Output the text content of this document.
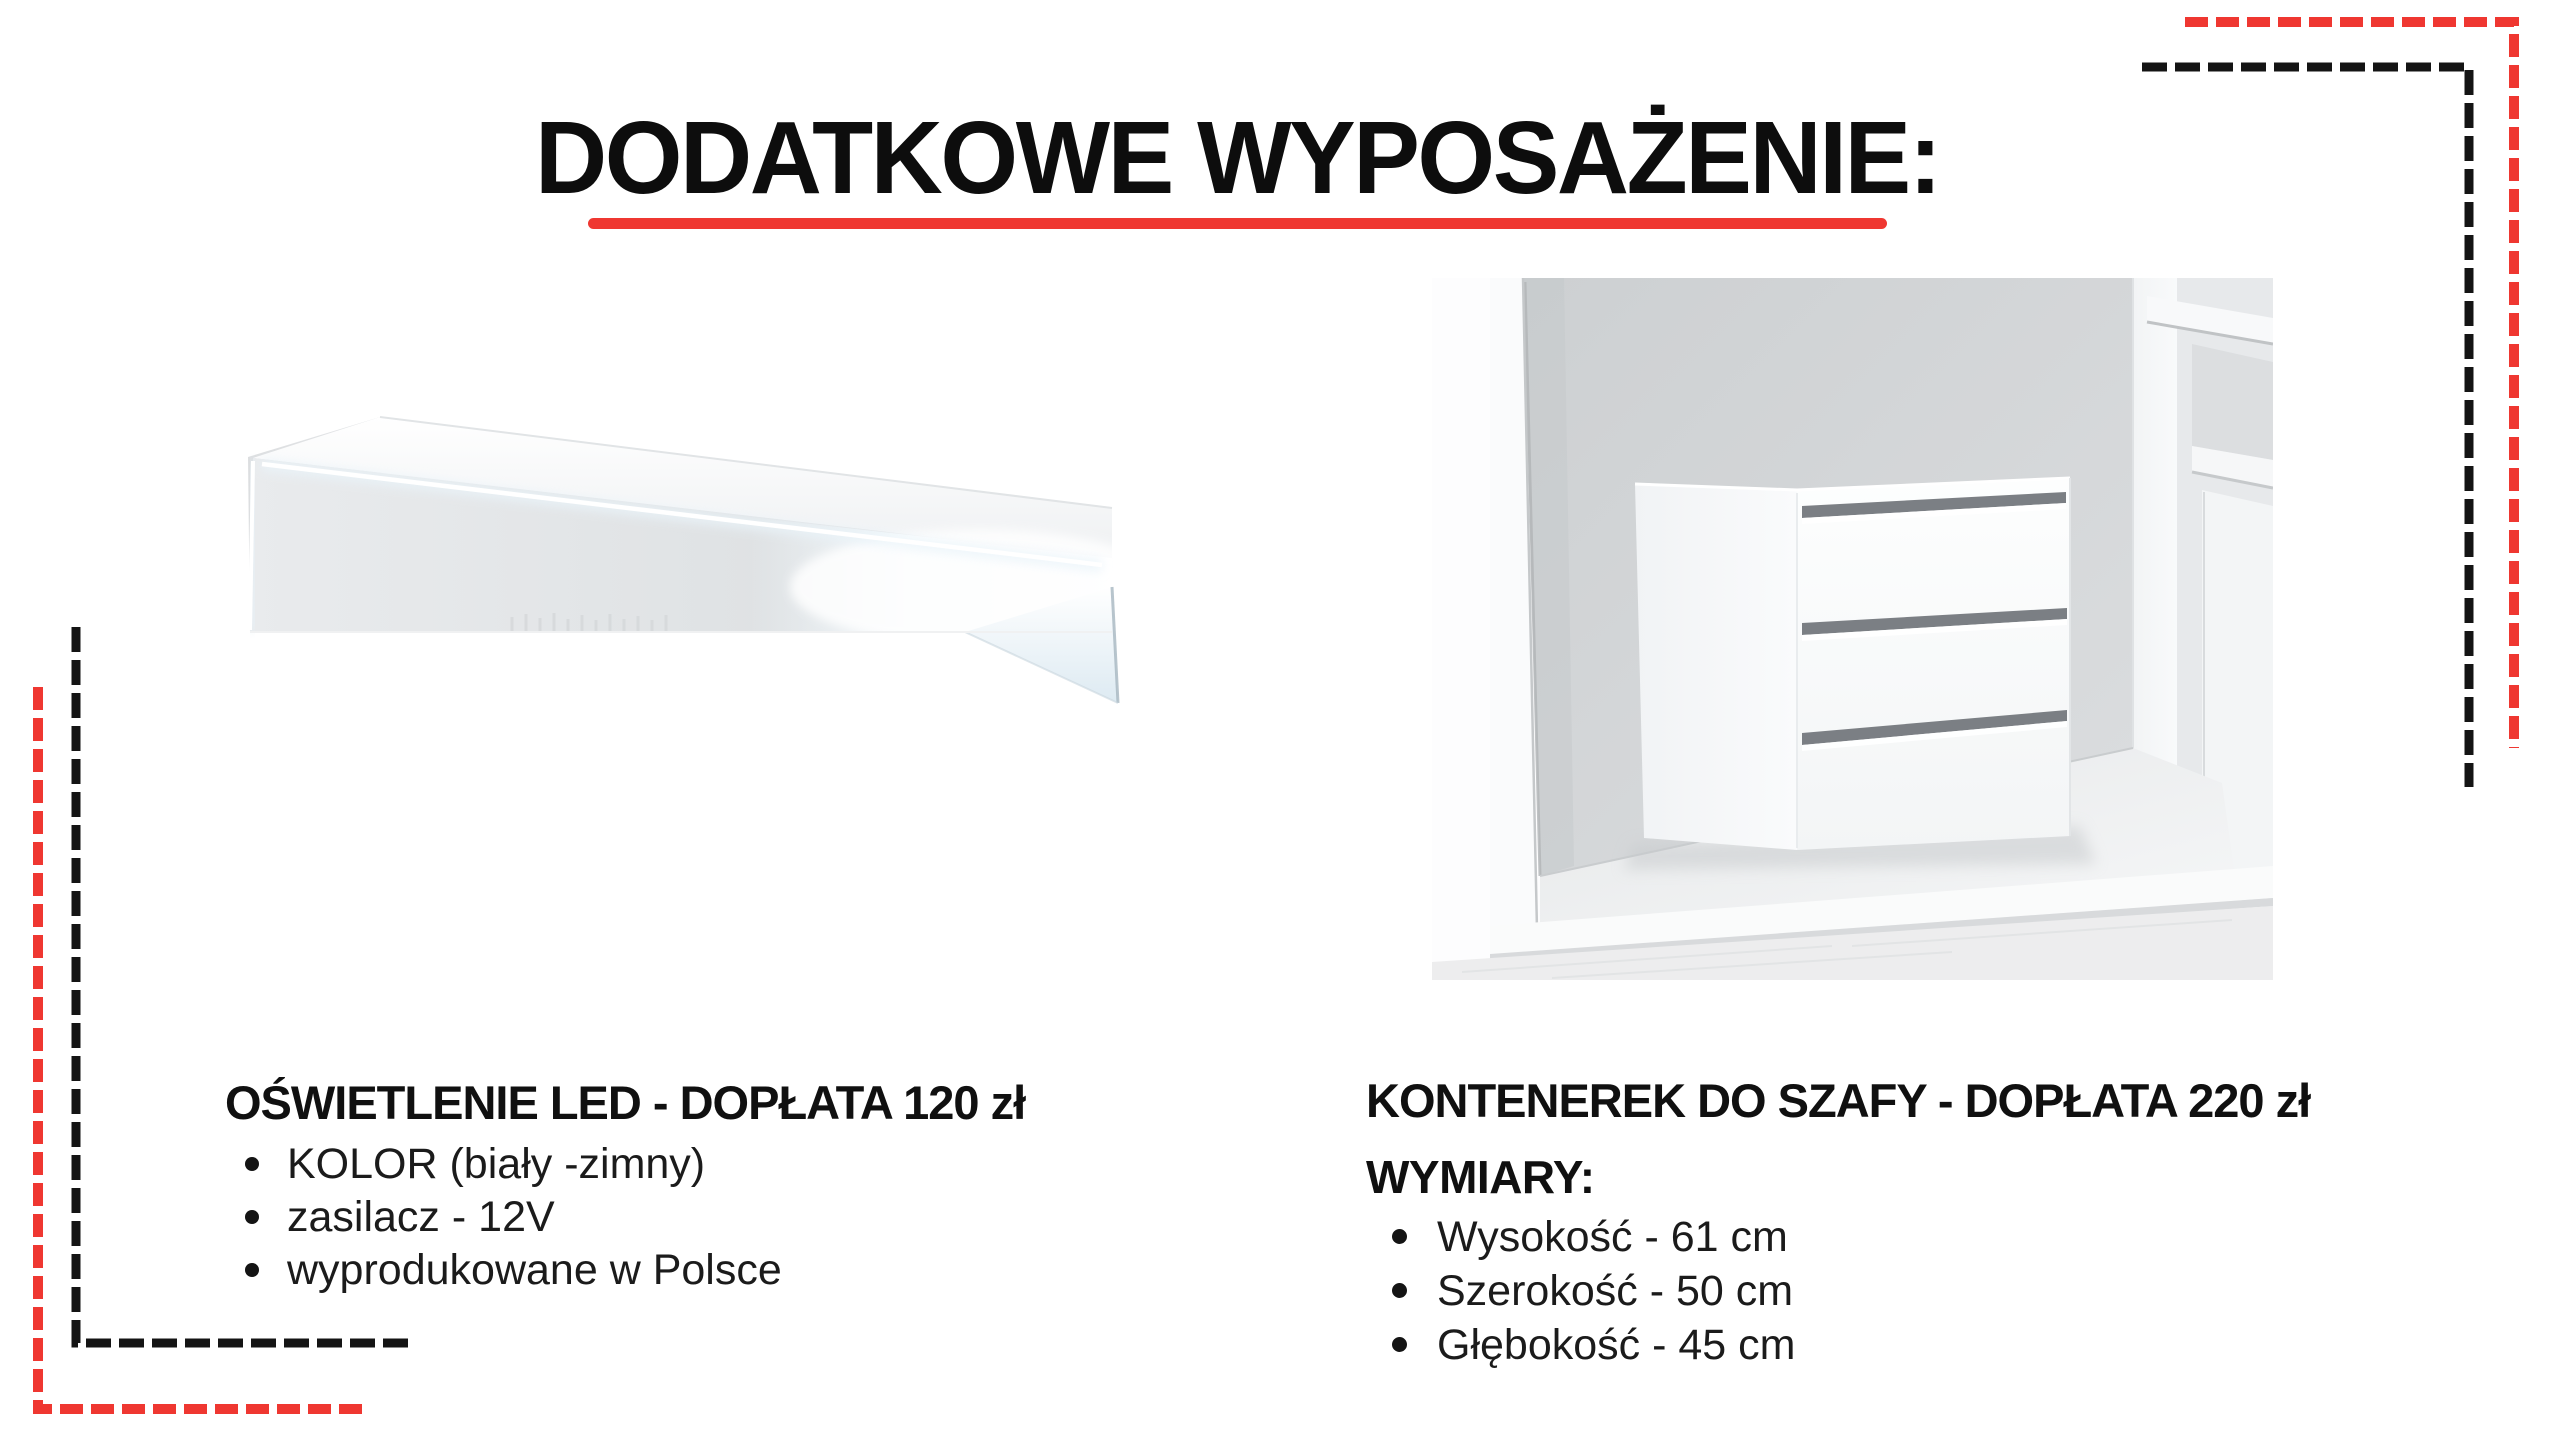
DODATKOWE WYPOSAŻENIE:
OŚWIETLENIE LED - DOPŁATA 120 zł
KOLOR (biały -zimny)
zasilacz - 12V
wyprodukowane w Polsce
KONTENEREK DO SZAFY - DOPŁATA 220 zł
WYMIARY:
Wysokość - 61 cm
Szerokość - 50 cm
Głębokość - 45 cm
